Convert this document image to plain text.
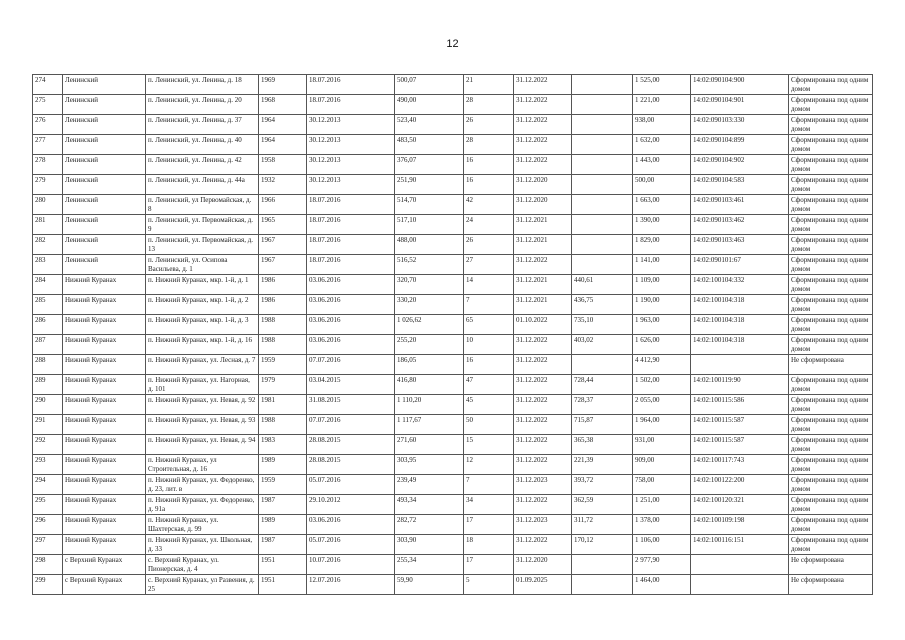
12
274	Ленинский	п. Ленинский, ул. Ленина, д. 18	1969	18.07.2016	500,07	21	31.12.2022		1 525,00	14:02:090104:900	Сформирована под одним домом
275	Ленинский	п. Ленинский, ул. Ленина, д. 20	1968	18.07.2016	490,00	28	31.12.2022		1 221,00	14:02:090104:901	Сформирована под одним домом
276	Ленинский	п. Ленинский, ул. Ленина, д. 37	1964	30.12.2013	523,40	26	31.12.2022		938,00	14:02:090103:330	Сформирована под одним домом
277	Ленинский	п. Ленинский, ул. Ленина, д. 40	1964	30.12.2013	483,50	28	31.12.2022		1 632,00	14:02:090104:899	Сформирована под одним домом
278	Ленинский	п. Ленинский, ул. Ленина, д. 42	1958	30.12.2013	376,07	16	31.12.2022		1 443,00	14:02:090104:902	Сформирована под одним домом
279	Ленинский	п. Ленинский, ул. Ленина, д. 44а	1932	30.12.2013	251,90	16	31.12.2020		500,00	14:02:090104:583	Сформирована под одним домом
280	Ленинский	п. Ленинский, ул Первомайская, д. 8	1966	18.07.2016	514,70	42	31.12.2020		1 663,00	14:02:090103:461	Сформирована под одним домом
281	Ленинский	п. Ленинский, ул. Первомайская, д. 9	1965	18.07.2016	517,10	24	31.12.2021		1 390,00	14:02:090103:462	Сформирована под одним домом
282	Ленинский	п. Ленинский, ул. Первомайская, д. 13	1967	18.07.2016	488,00	26	31.12.2021		1 829,00	14:02:090103:463	Сформирована под одним домом
283	Ленинский	п. Ленинский, ул. Осипова Васильева, д. 1	1967	18.07.2016	516,52	27	31.12.2022		1 141,00	14:02:090101:67	Сформирована под одним домом
284	Нижний Куранах	п. Нижний Куранах, мкр. 1-й, д. 1	1986	03.06.2016	320,70	14	31.12.2021	440,61	1 109,00	14:02:100104:332	Сформирована под одним домом
285	Нижний Куранах	п. Нижний Куранах, мкр. 1-й, д. 2	1986	03.06.2016	330,20	7	31.12.2021	436,75	1 190,00	14:02:100104:318	Сформирована под одним домом
286	Нижний Куранах	п. Нижний Куранах, мкр. 1-й, д. 3	1988	03.06.2016	1 026,62	65	01.10.2022	735,10	1 963,00	14:02:100104:318	Сформирована под одним домом
287	Нижний Куранах	п. Нижний Куранах, мкр. 1-й, д. 16	1988	03.06.2016	255,20	10	31.12.2022	403,02	1 626,00	14:02:100104:318	Сформирована под одним домом
288	Нижний Куранах	п. Нижний Куранах, ул. Лесная, д. 7	1959	07.07.2016	186,05	16	31.12.2022		4 412,90		Не сформирована
289	Нижний Куранах	п. Нижний Куранах, ул. Нагорная, д. 101	1979	03.04.2015	416,80	47	31.12.2022	728,44	1 502,00	14:02:100119:90	Сформирована под одним домом
290	Нижний Куранах	п. Нижний Куранах, ул. Невая, д. 92	1981	31.08.2015	1 110,20	45	31.12.2022	728,37	2 055,00	14:02:100115:586	Сформирована под одним домом
291	Нижний Куранах	п. Нижний Куранах, ул. Невая, д. 93	1988	07.07.2016	1 117,67	50	31.12.2022	715,87	1 964,00	14:02:100115:587	Сформирована под одним домом
292	Нижний Куранах	п. Нижний Куранах, ул. Невая, д. 94	1983	28.08.2015	271,60	15	31.12.2022	365,38	931,00	14:02:100115:587	Сформирована под одним домом
293	Нижний Куранах	п. Нижний Куранах, ул Строительная, д. 16	1989	28.08.2015	303,95	12	31.12.2022	221,39	909,00	14:02:100117:743	Сформирована под одним домом
294	Нижний Куранах	п. Нижний Куранах, ул. Федоренко, д. 23, лит. в	1959	05.07.2016	239,49	7	31.12.2023	393,72	758,00	14:02:100122:200	Сформирована под одним домом
295	Нижний Куранах	п. Нижний Куранах, ул. Федоренко, д. 91а	1987	29.10.2012	493,34	34	31.12.2022	362,59	1 251,00	14:02:100120:321	Сформирована под одним домом
296	Нижний Куранах	п. Нижний Куранах, ул. Шахтерская, д. 99	1989	03.06.2016	282,72	17	31.12.2023	311,72	1 378,00	14:02:100109:198	Сформирована под одним домом
297	Нижний Куранах	п. Нижний Куранах, ул. Школьная, д. 33	1987	05.07.2016	303,90	18	31.12.2022	170,12	1 106,00	14:02:100116:151	Сформирована под одним домом
298	с Верхний Куранах	с. Верхний Куранах, ул. Пионерская, д. 4	1951	10.07.2016	255,34	17	31.12.2020		2 977,90		Не сформирована
299	с Верхний Куранах	с. Верхний Куранах, ул Развения, д. 25	1951	12.07.2016	59,90	5	01.09.2025		1 464,00		Не сформирована
